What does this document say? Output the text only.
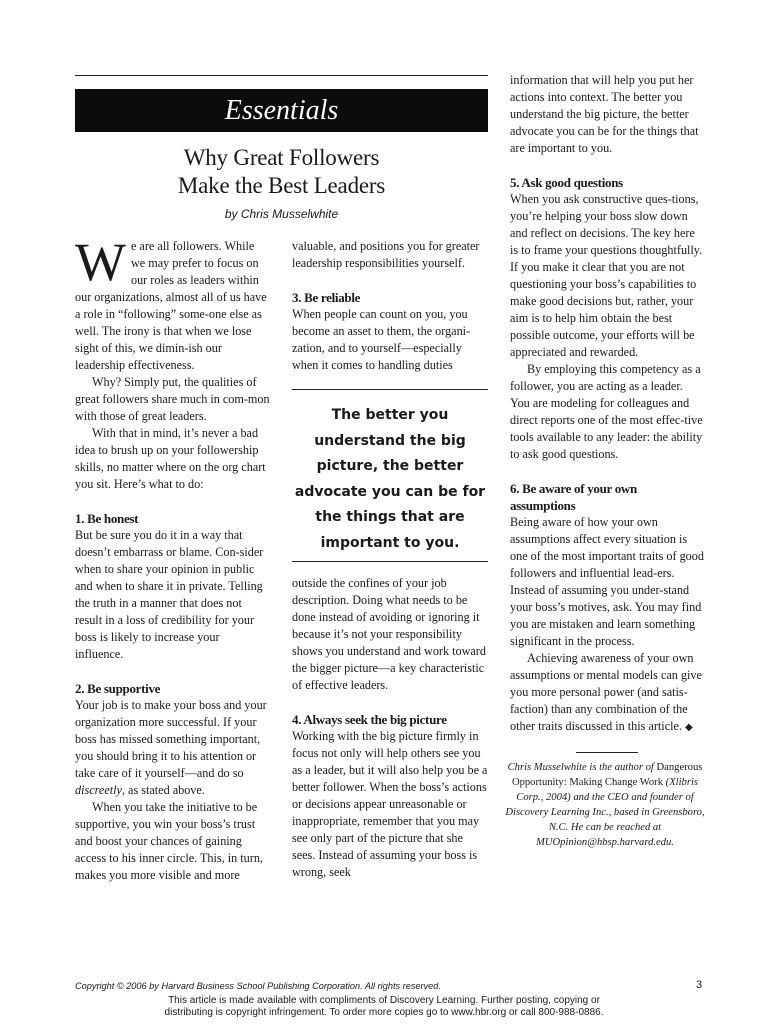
Essentials
Why Great Followers
Make the Best Leaders
by Chris Musselwhite

We are all followers. While we may prefer to focus on our roles as leaders within our organizations, almost all of us have a role in “following” some-one else as well. The irony is that when we lose sight of this, we dimin-ish our leadership effectiveness.

Why? Simply put, the qualities of great followers share much in com-mon with those of great leaders.

With that in mind, it’s never a bad idea to brush up on your followership skills, no matter where on the org chart you sit. Here’s what to do:

1. Be honest

But be sure you do it in a way that doesn’t embarrass or blame. Con-sider when to share your opinion in public and when to share it in private. Telling the truth in a manner that does not result in a loss of credibility for your boss is likely to increase your influence.

2. Be supportive

Your job is to make your boss and your organization more successful. If your boss has missed something important, you should bring it to his attention or take care of it yourself—and do so discreetly, as stated above.

When you take the initiative to be supportive, you win your boss’s trust and boost your chances of gaining access to his inner circle. This, in turn, makes you more visible and more

valuable, and positions you for greater leadership responsibilities yourself.

3. Be reliable

When people can count on you, you become an asset to them, the organi-zation, and to yourself—especially when it comes to handling duties

The better you understand the big picture, the better advocate you can be for the things that are important to you.

outside the confines of your job description. Doing what needs to be done instead of avoiding or ignoring it because it’s not your responsibility shows you understand and work toward the bigger picture—a key characteristic of effective leaders.

4. Always seek the big picture

Working with the big picture firmly in focus not only will help others see you as a leader, but it will also help you be a better follower. When the boss’s actions or decisions appear unreasonable or inappropriate, remember that you may see only part of the picture that she sees. Instead of assuming your boss is wrong, seek

information that will help you put her actions into context. The better you understand the big picture, the better advocate you can be for the things that are important to you.

5. Ask good questions

When you ask constructive ques-tions, you’re helping your boss slow down and reflect on decisions. The key here is to frame your questions thoughtfully. If you make it clear that you are not questioning your boss’s capabilities to make good decisions but, rather, your aim is to help him obtain the best possible outcome, your efforts will be appreciated and rewarded.

By employing this competency as a follower, you are acting as a leader. You are modeling for colleagues and direct reports one of the most effec-tive tools available to any leader: the ability to ask good questions.

6. Be aware of your own assumptions

Being aware of how your own assumptions affect every situation is one of the most important traits of good followers and influential lead-ers. Instead of assuming you under-stand your boss’s motives, ask. You may find you are mistaken and learn something significant in the process.

Achieving awareness of your own assumptions or mental models can give you more personal power (and satis-faction) than any combination of the other traits discussed in this article. ◆

Chris Musselwhite is the author of Dangerous Opportunity: Making Change Work (Xlibris Corp., 2004) and the CEO and founder of Discovery Learning Inc., based in Greensboro, N.C. He can be reached at MUOpinion@hbsp.harvard.edu.
Copyright © 2006 by Harvard Business School Publishing Corporation. All rights reserved.	3
This article is made available with compliments of Discovery Learning. Further posting, copying or distributing is copyright infringement. To order more copies go to www.hbr.org or call 800-988-0886.
